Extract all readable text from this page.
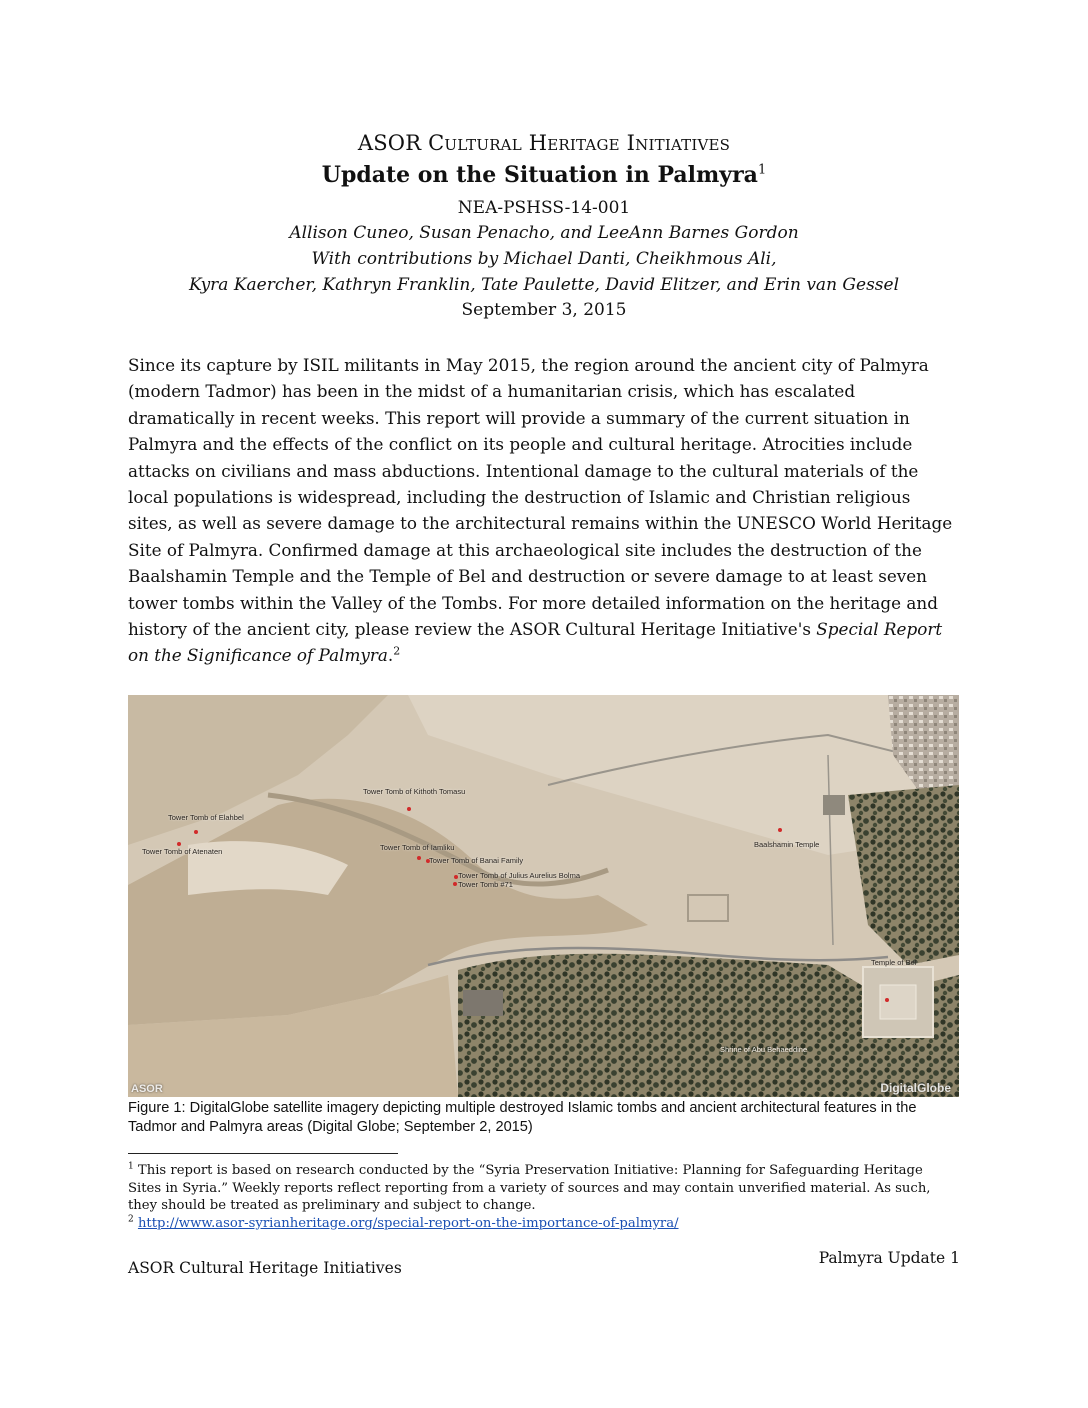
ASOR Cultural Heritage Initiatives
Update on the Situation in Palmyra$^1$
NEA-PSHSS-14-001
Allison Cuneo, Susan Penacho, and LeeAnn Barnes Gordon
With contributions by Michael Danti, Cheikhmous Ali,
Kyra Kaercher, Kathryn Franklin, Tate Paulette, David Elitzer, and Erin van Gessel
September 3, 2015

Since its capture by ISIL militants in May 2015, the region around the ancient city of Palmyra (modern Tadmor) has been in the midst of a humanitarian crisis, which has escalated dramatically in recent weeks. This report will provide a summary of the current situation in Palmyra and the effects of the conflict on its people and cultural heritage. Atrocities include attacks on civilians and mass abductions. Intentional damage to the cultural materials of the local populations is widespread, including the destruction of Islamic and Christian religious sites, as well as severe damage to the architectural remains within the UNESCO World Heritage Site of Palmyra. Confirmed damage at this archaeological site includes the destruction of the Baalshamin Temple and the Temple of Bel and destruction or severe damage to at least seven tower tombs within the Valley of the Tombs. For more detailed information on the heritage and history of the ancient city, please review the ASOR Cultural Heritage Initiative's Special Report on the Significance of Palmyra.$^2$

Tower Tomb of Kithoth Tomasu
Tower Tomb of Elahbel
Tower Tomb of Atenaten	Tower Tomb of Iamliku
Tower Tomb of Banai Family
Tower Tomb of Julius Aurelius Bolma
Tower Tomb #71
Baalshamin Temple
Temple of Bel
Shrine of Abu Behaeddine
ASOR	DigitalGlobe
Figure 1: DigitalGlobe satellite imagery depicting multiple destroyed Islamic tombs and ancient architectural features in the Tadmor and Palmyra areas (Digital Globe; September 2, 2015)
$^1$ This report is based on research conducted by the “Syria Preservation Initiative: Planning for Safeguarding Heritage Sites in Syria.” Weekly reports reflect reporting from a variety of sources and may contain unverified material. As such, they should be treated as preliminary and subject to change.
$^2$ http://www.asor-syrianheritage.org/special-report-on-the-importance-of-palmyra/
ASOR Cultural Heritage Initiatives
Palmyra Update 1
